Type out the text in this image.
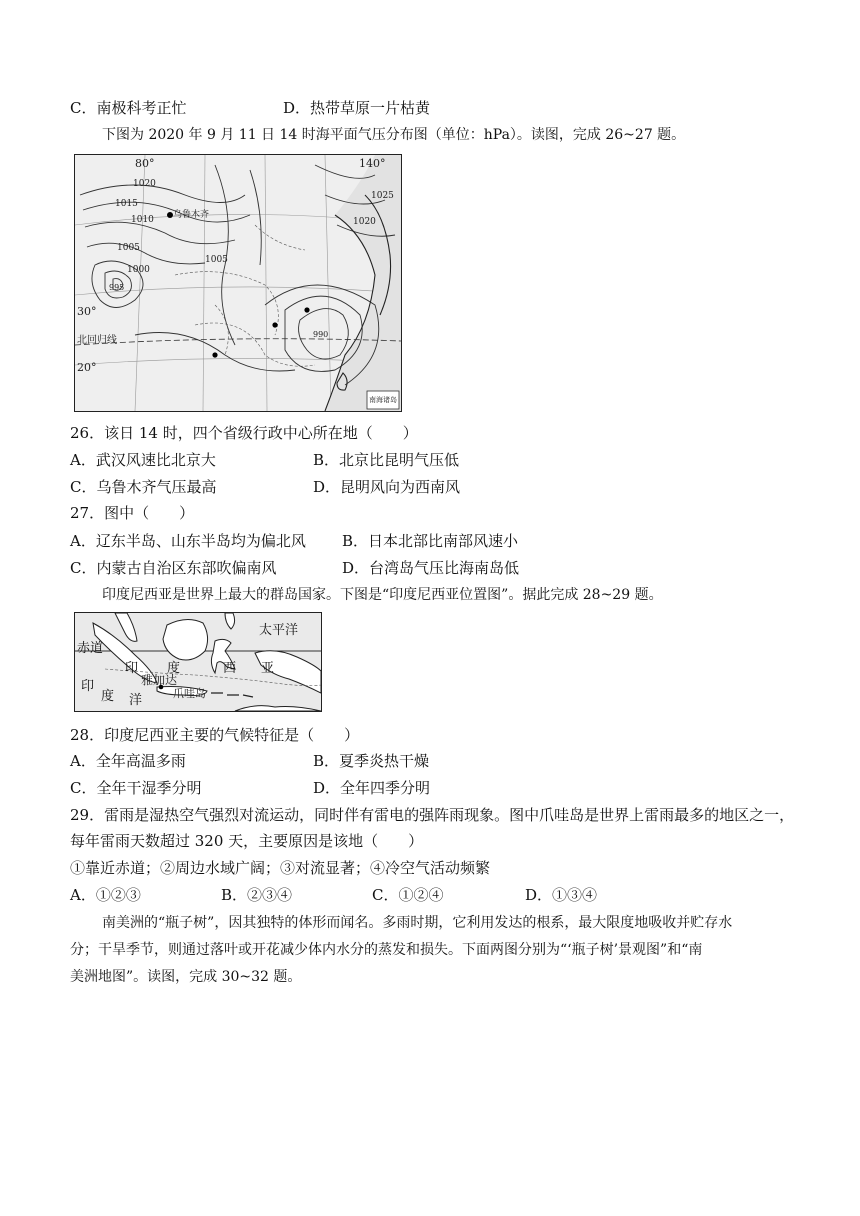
C．南极科考正忙	D．热带草原一片枯黄
下图为 2020 年 9 月 11 日 14 时海平面气压分布图（单位：hPa）。读图，完成 26~27 题。
80°	140°
30°
20°
北回归线
1025
1020
1020
1015
1010
1005
1000
1005
995
990
乌鲁木齐
南海诸岛
26．该日 14 时，四个省级行政中心所在地（　　）
A．武汉风速比北京大	B．北京比昆明气压低
C．乌鲁木齐气压最高	D．昆明风向为西南风
27．图中（　　）
A．辽东半岛、山东半岛均为偏北风 B．日本北部比南部风速小
C．内蒙古自治区东部吹偏南风	D．台湾岛气压比海南岛低
印度尼西亚是世界上最大的群岛国家。下图是“印度尼西亚位置图”。据此完成 28~29 题。
太平洋
赤道
印 度	西 亚
雅加达
爪哇岛
印
度 洋
28．印度尼西亚主要的气候特征是（　　）
A．全年高温多雨	B．夏季炎热干燥
C．全年干湿季分明	D．全年四季分明
29．雷雨是湿热空气强烈对流运动，同时伴有雷电的强阵雨现象。图中爪哇岛是世界上雷雨最多的地区之一，
每年雷雨天数超过 320 天，主要原因是该地（　　）
①靠近赤道；②周边水域广阔；③对流显著；④冷空气活动频繁
A．①②③	B．②③④	C．①②④	D．①③④
南美洲的“瓶子树”，因其独特的体形而闻名。多雨时期，它利用发达的根系，最大限度地吸收并贮存水
分；干旱季节，则通过落叶或开花减少体内水分的蒸发和损失。下面两图分别为“‘瓶子树’景观图”和“南
美洲地图”。读图，完成 30~32 题。
